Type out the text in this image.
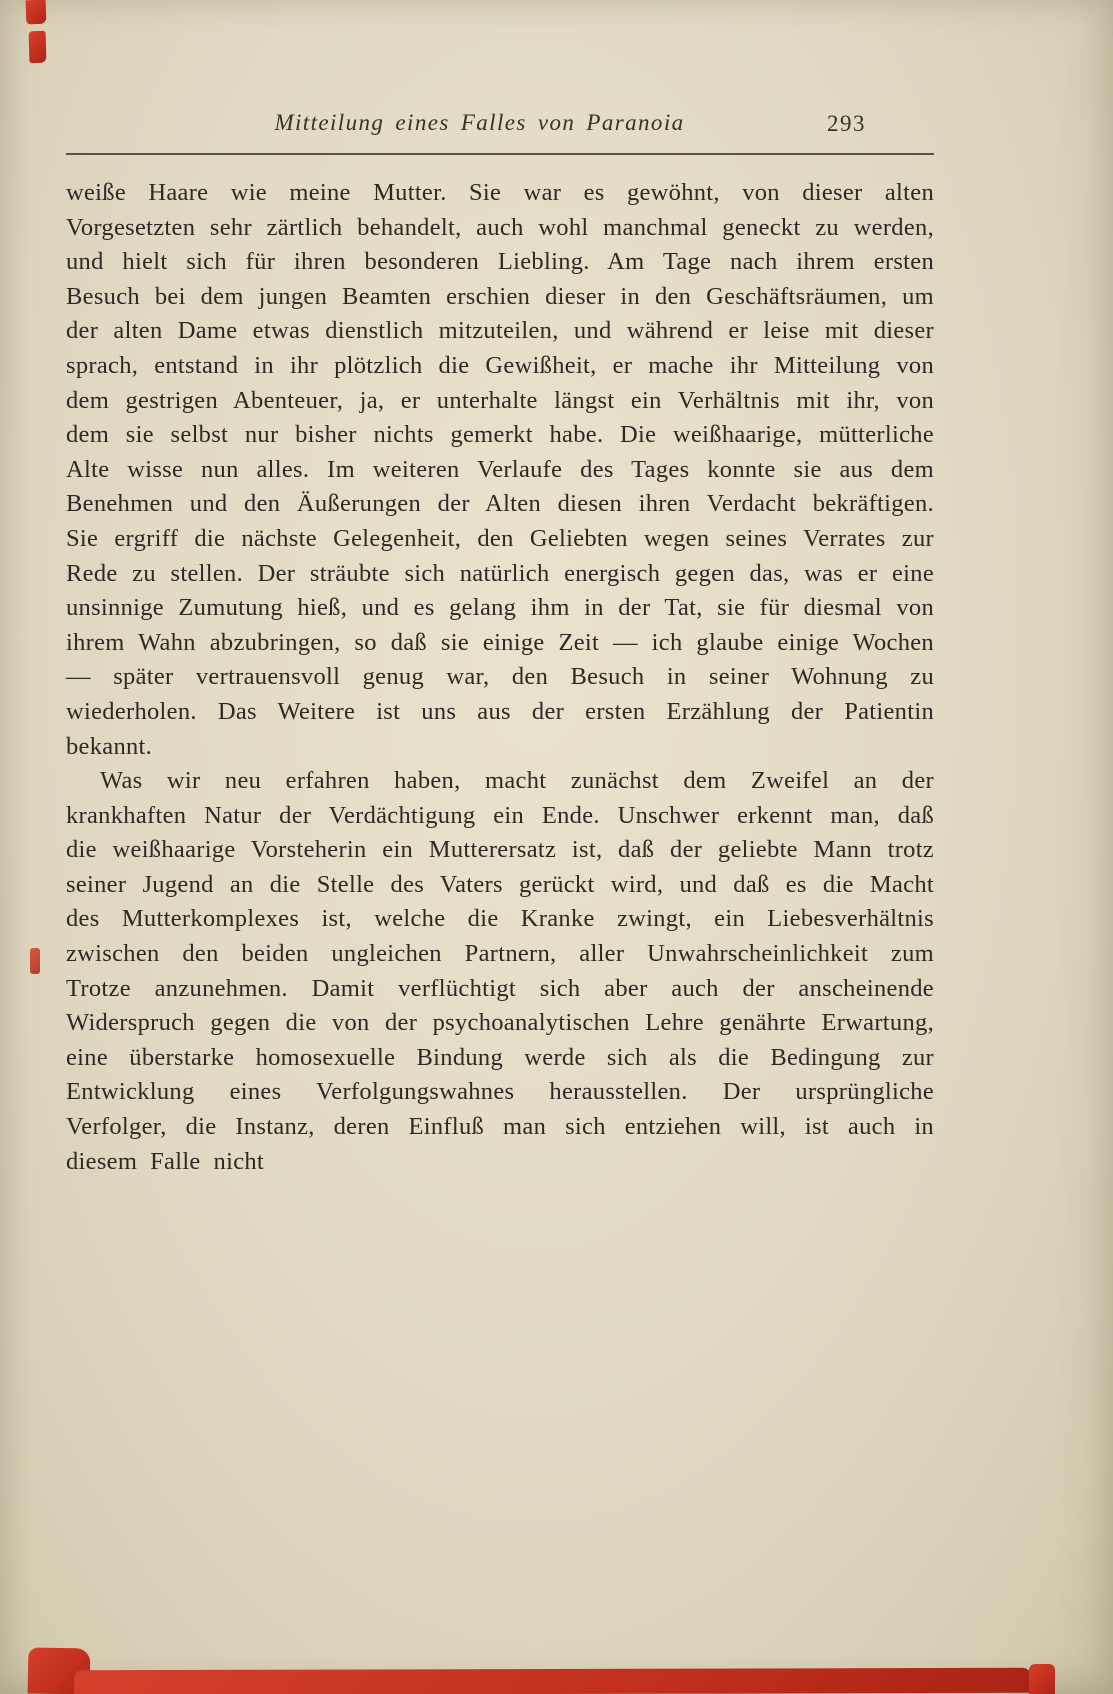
Mitteilung eines Falles von Paranoia	293

weiße Haare wie meine Mutter. Sie war es gewöhnt, von dieser alten Vorgesetzten sehr zärtlich behandelt, auch wohl manchmal geneckt zu werden, und hielt sich für ihren besonderen Liebling. Am Tage nach ihrem ersten Besuch bei dem jungen Beamten erschien dieser in den Geschäftsräumen, um der alten Dame etwas dienstlich mitzuteilen, und während er leise mit dieser sprach, entstand in ihr plötzlich die Gewißheit, er mache ihr Mitteilung von dem gestrigen Abenteuer, ja, er unterhalte längst ein Verhältnis mit ihr, von dem sie selbst nur bisher nichts gemerkt habe. Die weißhaarige, mütterliche Alte wisse nun alles. Im weiteren Verlaufe des Tages konnte sie aus dem Benehmen und den Äußerungen der Alten diesen ihren Verdacht bekräftigen. Sie ergriff die nächste Gelegenheit, den Geliebten wegen seines Verrates zur Rede zu stellen. Der sträubte sich natürlich energisch gegen das, was er eine unsinnige Zumutung hieß, und es gelang ihm in der Tat, sie für diesmal von ihrem Wahn abzubringen, so daß sie einige Zeit — ich glaube einige Wochen — später vertrauensvoll genug war, den Besuch in seiner Wohnung zu wiederholen. Das Weitere ist uns aus der ersten Erzählung der Patientin bekannt.

Was wir neu erfahren haben, macht zunächst dem Zweifel an der krankhaften Natur der Verdächtigung ein Ende. Unschwer erkennt man, daß die weißhaarige Vorsteherin ein Mutterersatz ist, daß der geliebte Mann trotz seiner Jugend an die Stelle des Vaters gerückt wird, und daß es die Macht des Mutterkomplexes ist, welche die Kranke zwingt, ein Liebesverhältnis zwischen den beiden ungleichen Partnern, aller Unwahrscheinlichkeit zum Trotze anzunehmen. Damit verflüchtigt sich aber auch der anscheinende Widerspruch gegen die von der psychoanalytischen Lehre genährte Erwartung, eine überstarke homosexuelle Bindung werde sich als die Bedingung zur Entwicklung eines Verfolgungswahnes herausstellen. Der ursprüngliche Verfolger, die Instanz, deren Einfluß man sich entziehen will, ist auch in diesem Falle nicht
